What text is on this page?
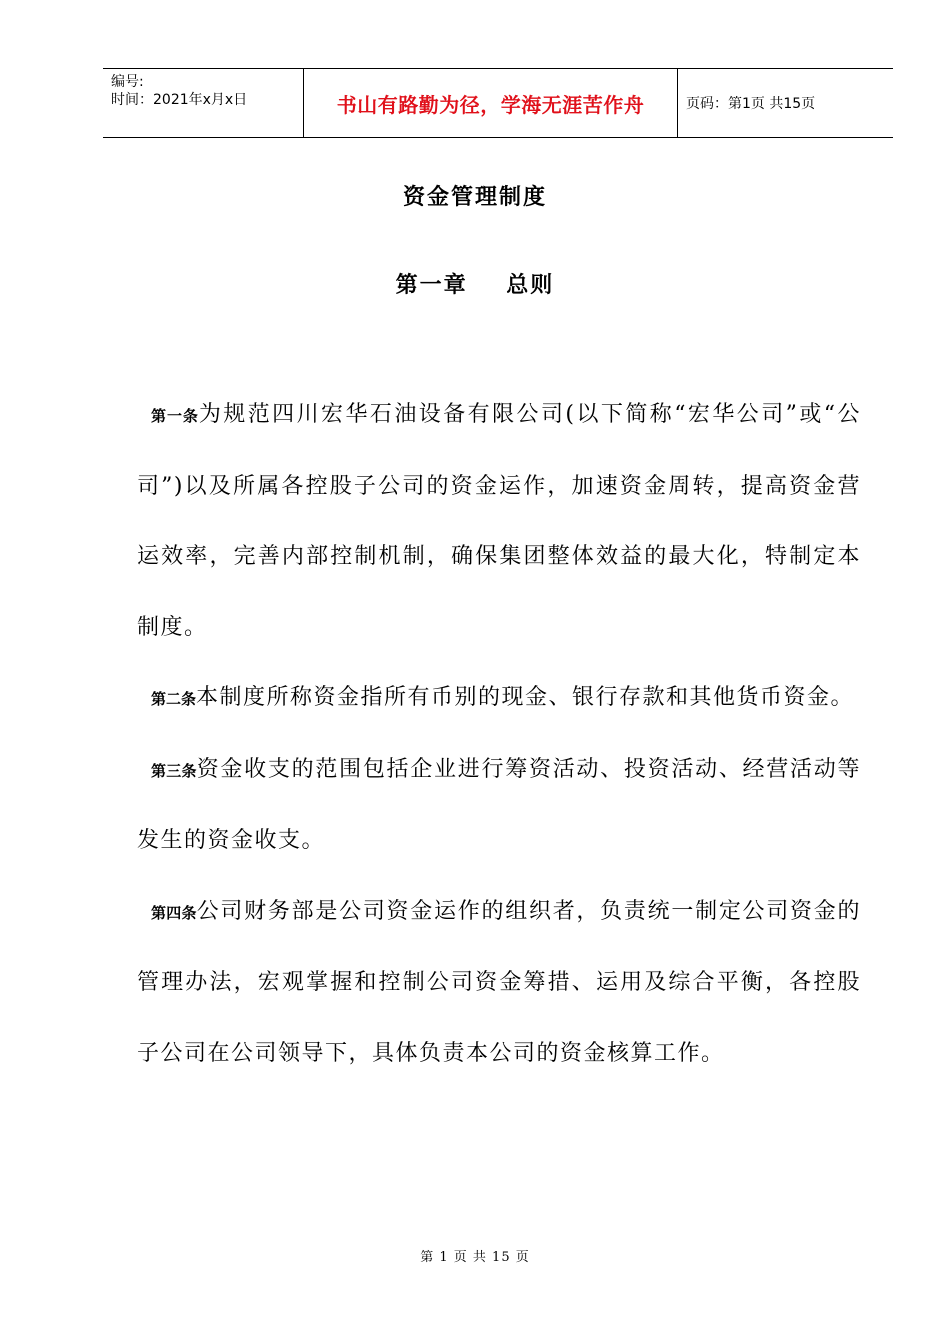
编号:
时间：2021年x月x日	书山有路勤为径，学海无涯苦作舟	页码：第1页 共15页
资金管理制度
第一章    总则

第一条为规范四川宏华石油设备有限公司(以下简称“宏华公司”或“公司”)以及所属各控股子公司的资金运作，加速资金周转，提高资金营运效率，完善内部控制机制，确保集团整体效益的最大化，特制定本制度。

第二条本制度所称资金指所有币别的现金、银行存款和其他货币资金。

第三条资金收支的范围包括企业进行筹资活动、投资活动、经营活动等发生的资金收支。

第四条公司财务部是公司资金运作的组织者，负责统一制定公司资金的管理办法，宏观掌握和控制公司资金筹措、运用及综合平衡，各控股子公司在公司领导下，具体负责本公司的资金核算工作。

第 1 页 共 15 页
